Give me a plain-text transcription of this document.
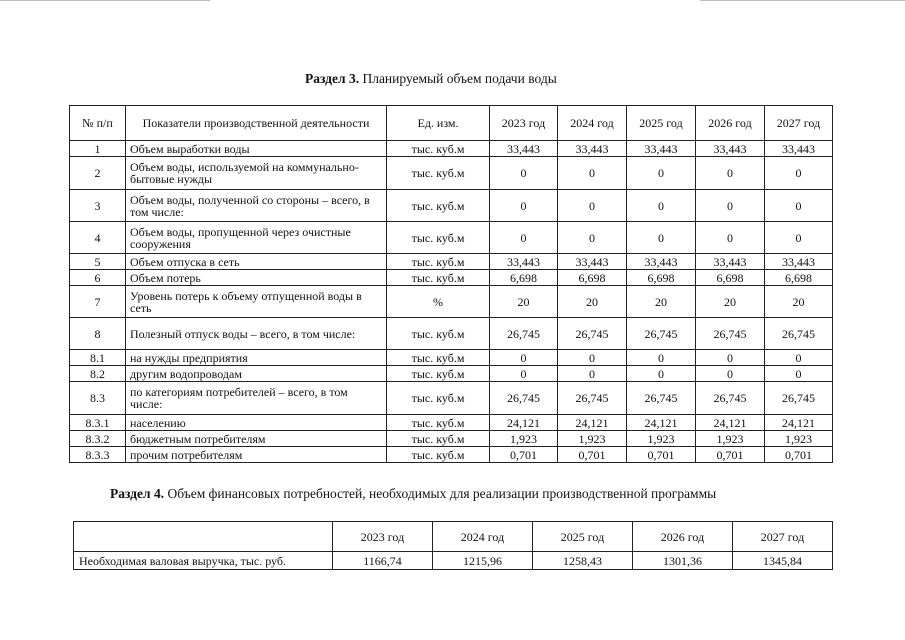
Раздел 3. Планируемый объем подачи воды
№ п/п	Показатели производственной деятельности	Ед. изм.	2023 год	2024 год	2025 год	2026 год	2027 год
1	Объем выработки воды	тыс. куб.м	33,443	33,443	33,443	33,443	33,443
2	Объем воды, используемой на коммунально-бытовые нужды	тыс. куб.м	0	0	0	0	0
3	Объем воды, полученной со стороны – всего, в том числе:	тыс. куб.м	0	0	0	0	0
4	Объем воды, пропущенной через очистные сооружения	тыс. куб.м	0	0	0	0	0
5	Объем отпуска в сеть	тыс. куб.м	33,443	33,443	33,443	33,443	33,443
6	Объем потерь	тыс. куб.м	6,698	6,698	6,698	6,698	6,698
7	Уровень потерь к объему отпущенной воды в сеть	%	20	20	20	20	20
8	Полезный отпуск воды – всего, в том числе:	тыс. куб.м	26,745	26,745	26,745	26,745	26,745
8.1	на нужды предприятия	тыс. куб.м	0	0	0	0	0
8.2	другим водопроводам	тыс. куб.м	0	0	0	0	0
8.3	по категориям потребителей – всего, в том числе:	тыс. куб.м	26,745	26,745	26,745	26,745	26,745
8.3.1	населению	тыс. куб.м	24,121	24,121	24,121	24,121	24,121
8.3.2	бюджетным потребителям	тыс. куб.м	1,923	1,923	1,923	1,923	1,923
8.3.3	прочим потребителям	тыс. куб.м	0,701	0,701	0,701	0,701	0,701
Раздел 4. Объем финансовых потребностей, необходимых для реализации производственной программы
	2023 год	2024 год	2025 год	2026 год	2027 год
Необходимая валовая выручка, тыс. руб.	1166,74	1215,96	1258,43	1301,36	1345,84
